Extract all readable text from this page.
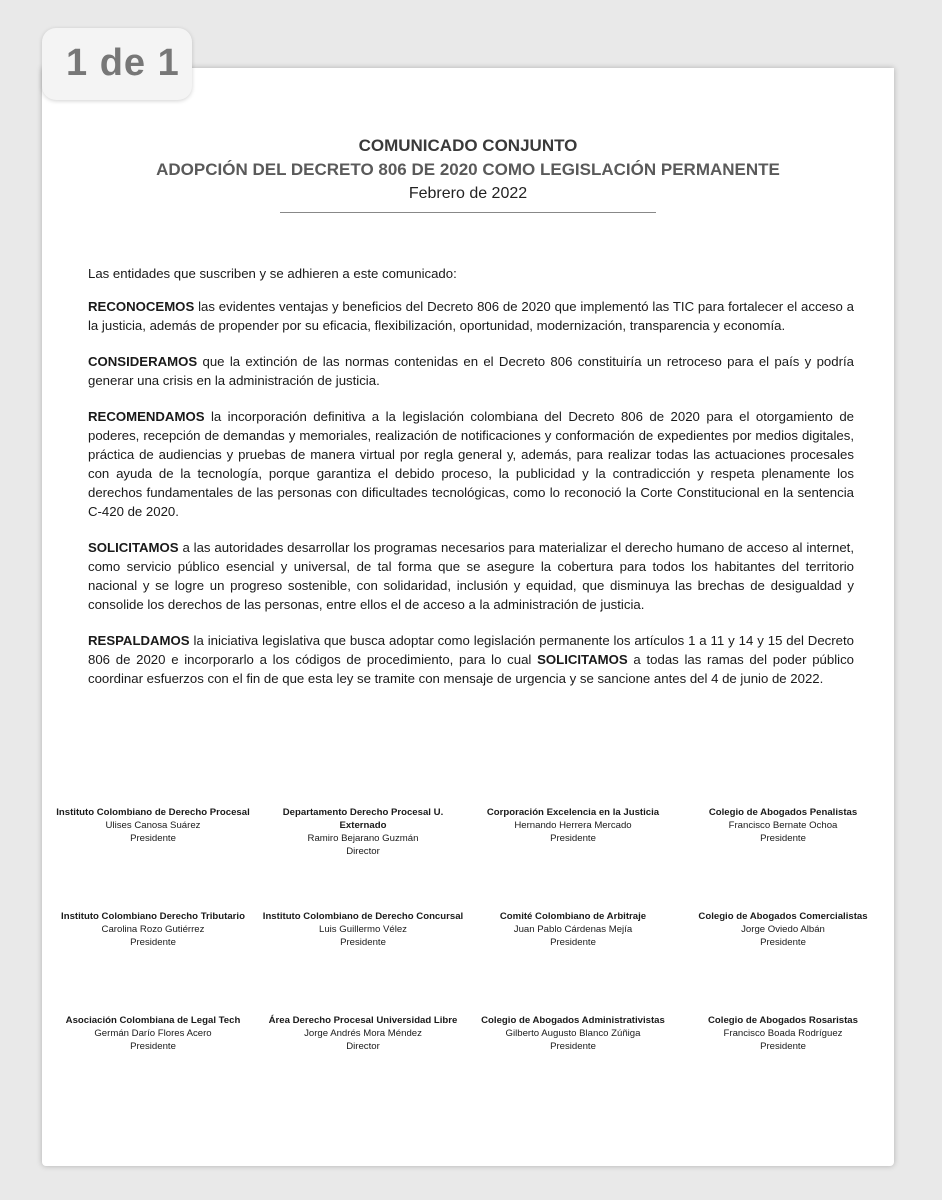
COMUNICADO CONJUNTO
ADOPCIÓN DEL DECRETO 806 DE 2020 COMO LEGISLACIÓN PERMANENTE
Febrero de 2022

Las entidades que suscriben y se adhieren a este comunicado:

RECONOCEMOS las evidentes ventajas y beneficios del Decreto 806 de 2020 que implementó las TIC para fortalecer el acceso a la justicia, además de propender por su eficacia, flexibilización, oportunidad, modernización, transparencia y economía.

CONSIDERAMOS que la extinción de las normas contenidas en el Decreto 806 constituiría un retroceso para el país y podría generar una crisis en la administración de justicia.

RECOMENDAMOS la incorporación definitiva a la legislación colombiana del Decreto 806 de 2020 para el otorgamiento de poderes, recepción de demandas y memoriales, realización de notificaciones y conformación de expedientes por medios digitales, práctica de audiencias y pruebas de manera virtual por regla general y, además, para realizar todas las actuaciones procesales con ayuda de la tecnología, porque garantiza el debido proceso, la publicidad y la contradicción y respeta plenamente los derechos fundamentales de las personas con dificultades tecnológicas, como lo reconoció la Corte Constitucional en la sentencia C-420 de 2020.

SOLICITAMOS a las autoridades desarrollar los programas necesarios para materializar el derecho humano de acceso al internet, como servicio público esencial y universal, de tal forma que se asegure la cobertura para todos los habitantes del territorio nacional y se logre un progreso sostenible, con solidaridad, inclusión y equidad, que disminuya las brechas de desigualdad y consolide los derechos de las personas, entre ellos el de acceso a la administración de justicia.

RESPALDAMOS la iniciativa legislativa que busca adoptar como legislación permanente los artículos 1 a 11 y 14 y 15 del Decreto 806 de 2020 e incorporarlo a los códigos de procedimiento, para lo cual SOLICITAMOS a todas las ramas del poder público coordinar esfuerzos con el fin de que esta ley se tramite con mensaje de urgencia y se sancione antes del 4 de junio de 2022.

Instituto Colombiano de Derecho Procesal
Ulises Canosa Suárez
Presidente
Departamento Derecho Procesal U. Externado
Ramiro Bejarano Guzmán
Director
Corporación Excelencia en la Justicia
Hernando Herrera Mercado
Presidente
Colegio de Abogados Penalistas
Francisco Bernate Ochoa
Presidente
Instituto Colombiano Derecho Tributario
Carolina Rozo Gutiérrez
Presidente
Instituto Colombiano de Derecho Concursal
Luis Guillermo Vélez
Presidente
Comité Colombiano de Arbitraje
Juan Pablo Cárdenas Mejía
Presidente
Colegio de Abogados Comercialistas
Jorge Oviedo Albán
Presidente
Asociación Colombiana de Legal Tech
Germán Darío Flores Acero
Presidente
Área Derecho Procesal Universidad Libre
Jorge Andrés Mora Méndez
Director
Colegio de Abogados Administrativistas
Gilberto Augusto Blanco Zúñiga
Presidente
Colegio de Abogados Rosaristas
Francisco Boada Rodríguez
Presidente
1 de 1
